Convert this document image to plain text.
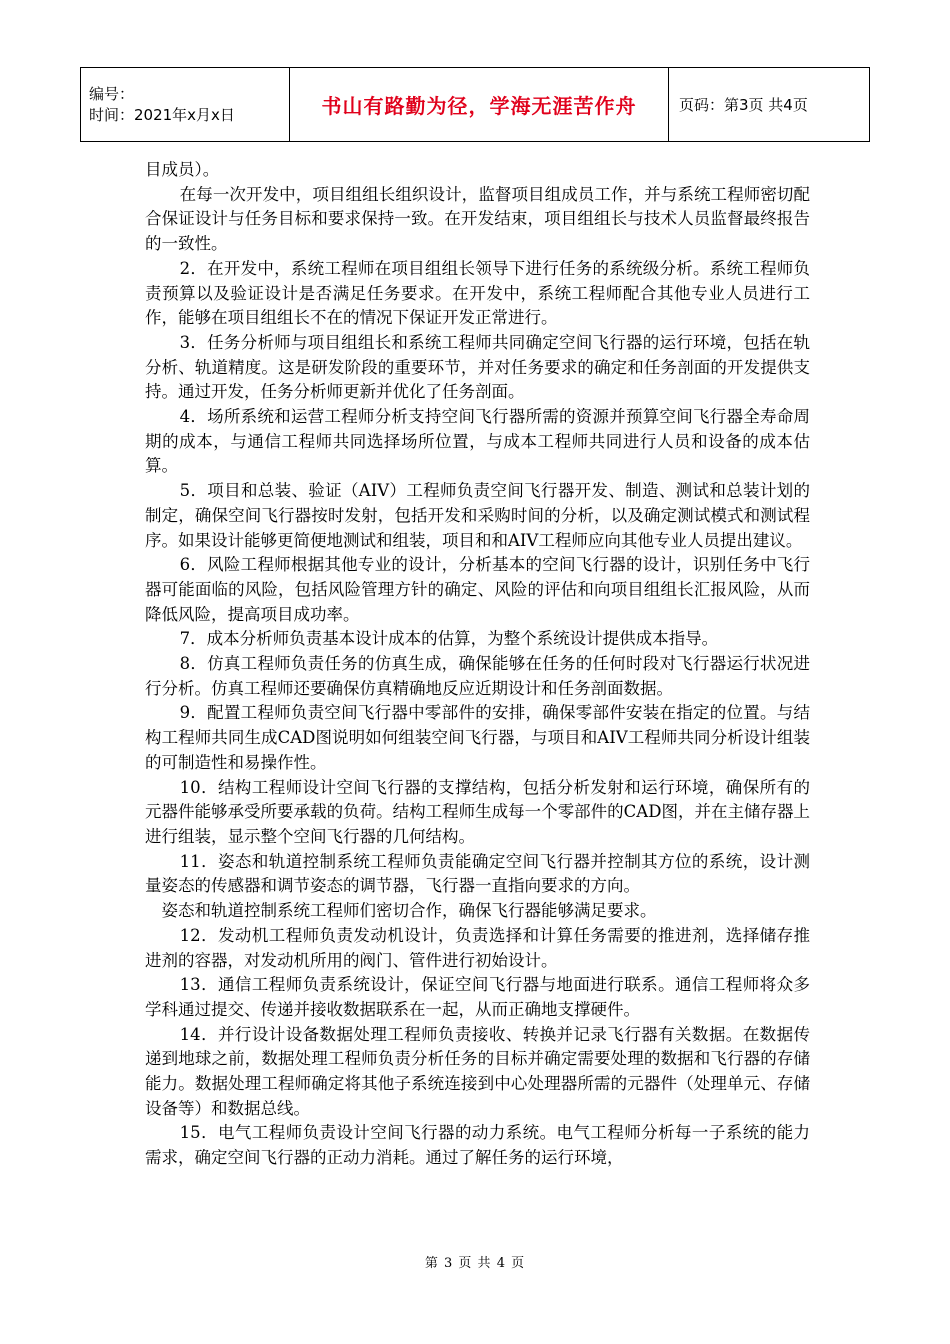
编号：
时间：2021年x月x日	书山有路勤为径，学海无涯苦作舟	页码：第3页 共4页

目成员）。

在每一次开发中，项目组组长组织设计，监督项目组成员工作，并与系统工程师密切配合保证设计与任务目标和要求保持一致。在开发结束，项目组组长与技术人员监督最终报告的一致性。

2．在开发中，系统工程师在项目组组长领导下进行任务的系统级分析。系统工程师负责预算以及验证设计是否满足任务要求。在开发中，系统工程师配合其他专业人员进行工作，能够在项目组组长不在的情况下保证开发正常进行。

3．任务分析师与项目组组长和系统工程师共同确定空间飞行器的运行环境，包括在轨分析、轨道精度。这是研发阶段的重要环节，并对任务要求的确定和任务剖面的开发提供支持。通过开发，任务分析师更新并优化了任务剖面。

4．场所系统和运营工程师分析支持空间飞行器所需的资源并预算空间飞行器全寿命周期的成本，与通信工程师共同选择场所位置，与成本工程师共同进行人员和设备的成本估算。

5．项目和总装、验证（AIV）工程师负责空间飞行器开发、制造、测试和总装计划的制定，确保空间飞行器按时发射，包括开发和采购时间的分析，以及确定测试模式和测试程序。如果设计能够更简便地测试和组装，项目和和AIV工程师应向其他专业人员提出建议。

6．风险工程师根据其他专业的设计，分析基本的空间飞行器的设计，识别任务中飞行器可能面临的风险，包括风险管理方针的确定、风险的评估和向项目组组长汇报风险，从而降低风险，提高项目成功率。

7．成本分析师负责基本设计成本的估算，为整个系统设计提供成本指导。

8．仿真工程师负责任务的仿真生成，确保能够在任务的任何时段对飞行器运行状况进行分析。仿真工程师还要确保仿真精确地反应近期设计和任务剖面数据。

9．配置工程师负责空间飞行器中零部件的安排，确保零部件安装在指定的位置。与结构工程师共同生成CAD图说明如何组装空间飞行器，与项目和AIV工程师共同分析设计组装的可制造性和易操作性。

10．结构工程师设计空间飞行器的支撑结构，包括分析发射和运行环境，确保所有的元器件能够承受所要承载的负荷。结构工程师生成每一个零部件的CAD图，并在主储存器上进行组装，显示整个空间飞行器的几何结构。

11．姿态和轨道控制系统工程师负责能确定空间飞行器并控制其方位的系统，设计测量姿态的传感器和调节姿态的调节器，飞行器一直指向要求的方向。

姿态和轨道控制系统工程师们密切合作，确保飞行器能够满足要求。

12．发动机工程师负责发动机设计，负责选择和计算任务需要的推进剂，选择储存推进剂的容器，对发动机所用的阀门、管件进行初始设计。

13．通信工程师负责系统设计，保证空间飞行器与地面进行联系。通信工程师将众多学科通过提交、传递并接收数据联系在一起，从而正确地支撑硬件。

14．并行设计设备数据处理工程师负责接收、转换并记录飞行器有关数据。在数据传递到地球之前，数据处理工程师负责分析任务的目标并确定需要处理的数据和飞行器的存储能力。数据处理工程师确定将其他子系统连接到中心处理器所需的元器件（处理单元、存储设备等）和数据总线。

15．电气工程师负责设计空间飞行器的动力系统。电气工程师分析每一子系统的能力需求，确定空间飞行器的正动力消耗。通过了解任务的运行环境，

第 3 页 共 4 页
